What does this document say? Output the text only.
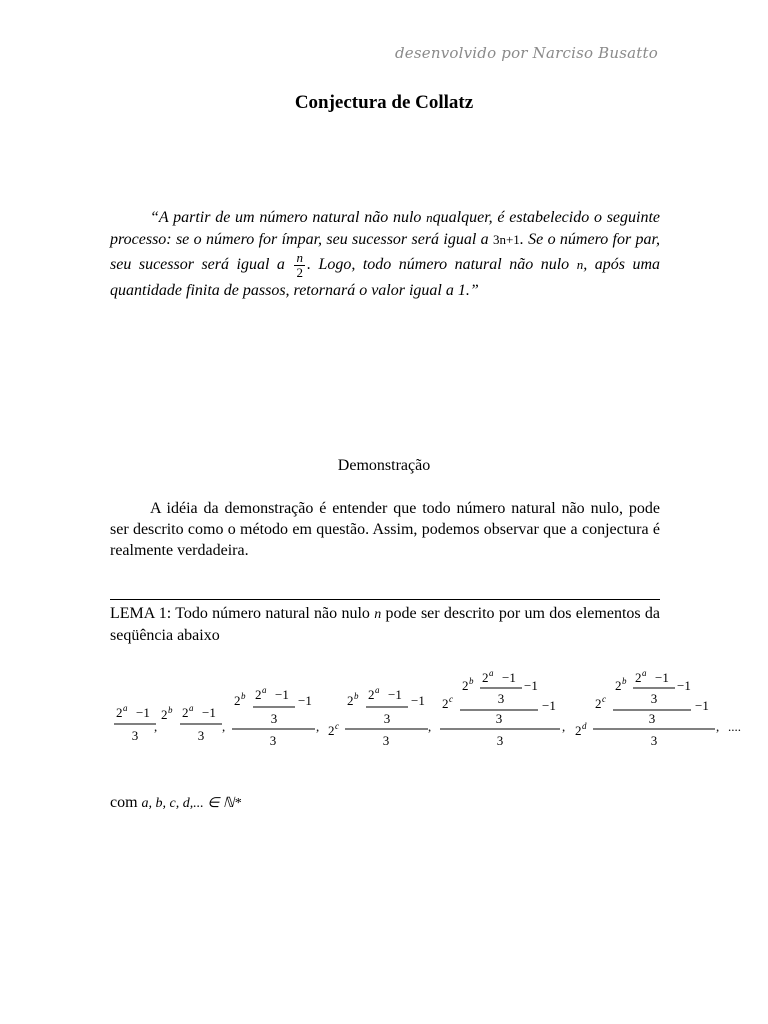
desenvolvido por Narciso Busatto
Conjectura de Collatz
“A partir de um número natural não nulo nqualquer, é estabelecido o seguinte processo: se o número for ímpar, seu sucessor será igual a 3n+1. Se o número for par, seu sucessor será igual a $\frac{n}{2}$ . Logo, todo número natural não nulo n, após uma quantidade finita de passos, retornará o valor igual a 1.”
Demonstração
A idéia da demonstração é entender que todo número natural não nulo, pode ser descrito como o método em questão. Assim, podemos observar que a conjectura é realmente verdadeira.
LEMA 1: Todo número natural não nulo n pode ser descrito por um dos elementos da seqüência abaixo
2 a −1
3
,
2 b 2 a −1
3
,
2 b 2 a −1
3
−1
3
, 2 c
2 b 2 a −1
3
−1
3
,
2 c
2 b 2 a −1
3
−1
3
−1
3
, 2 d
2 c
2 b 2 a −1
3
−1
3
−1
3
, ....
com a, b, c, d,... ∈ ℕ*
